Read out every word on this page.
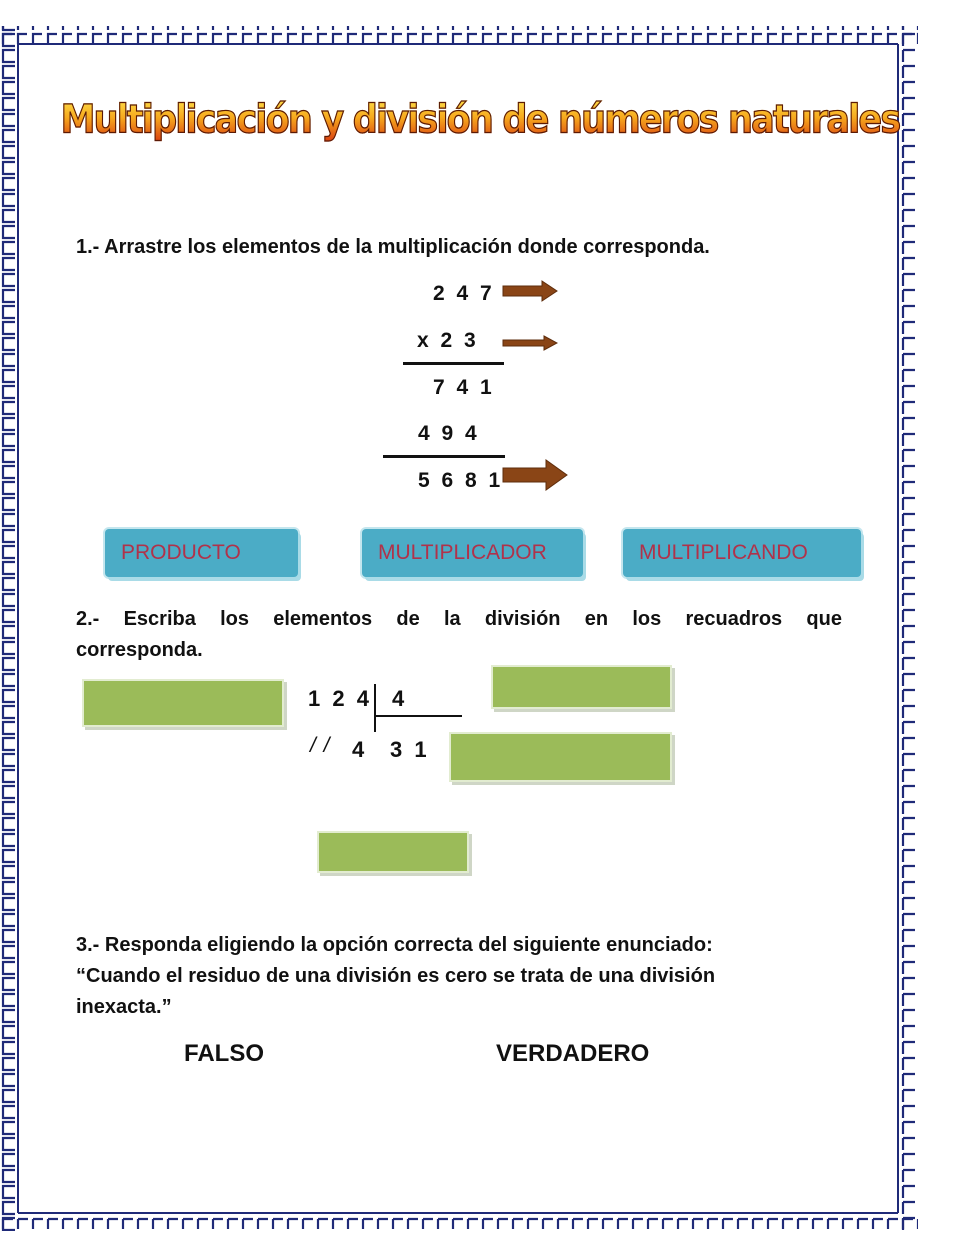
Multiplicación y división de números naturales
1.- Arrastre los elementos de la multiplicación donde corresponda.
2 4 7
x 2 3
7 4 1
4 9 4
5 6 8 1
PRODUCTO	MULTIPLICADOR	MULTIPLICANDO
2.- Escriba los elementos de la división en los recuadros que
corresponda.
1 2 4 4
/ / 4 3 1
3.- Responda eligiendo la opción correcta del siguiente enunciado:
“Cuando el residuo de una división es cero se trata de una división
inexacta.”
FALSO	VERDADERO
